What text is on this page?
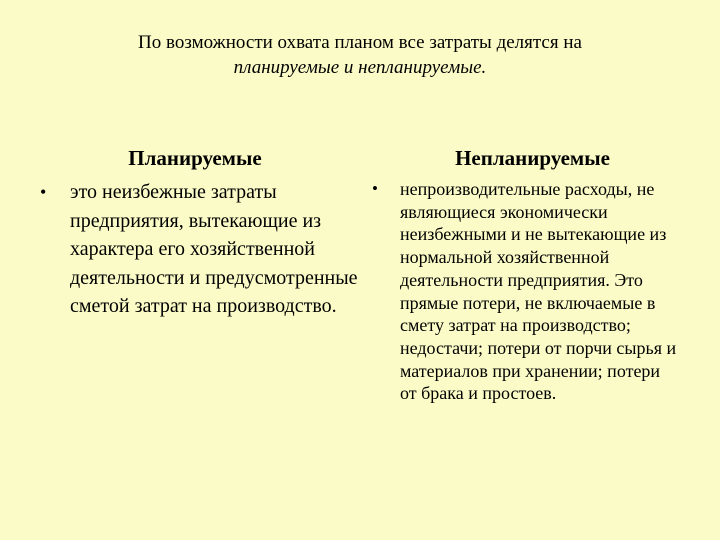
По возможности охвата планом все затраты делятся на
планируемые и непланируемые.
Планируемые	Непланируемые
• это неизбежные затраты предприятия, вытекающие из характера его хозяйственной деятельности и предусмотренные сметой затрат на производство.
• непроизводительные расходы, не являющиеся экономически неизбежными и не вытекающие из нормальной хозяйственной деятельности предприятия. Это прямые потери, не включаемые в смету затрат на производство; недостачи; потери от порчи сырья и материалов при хранении; потери от брака и простоев.
